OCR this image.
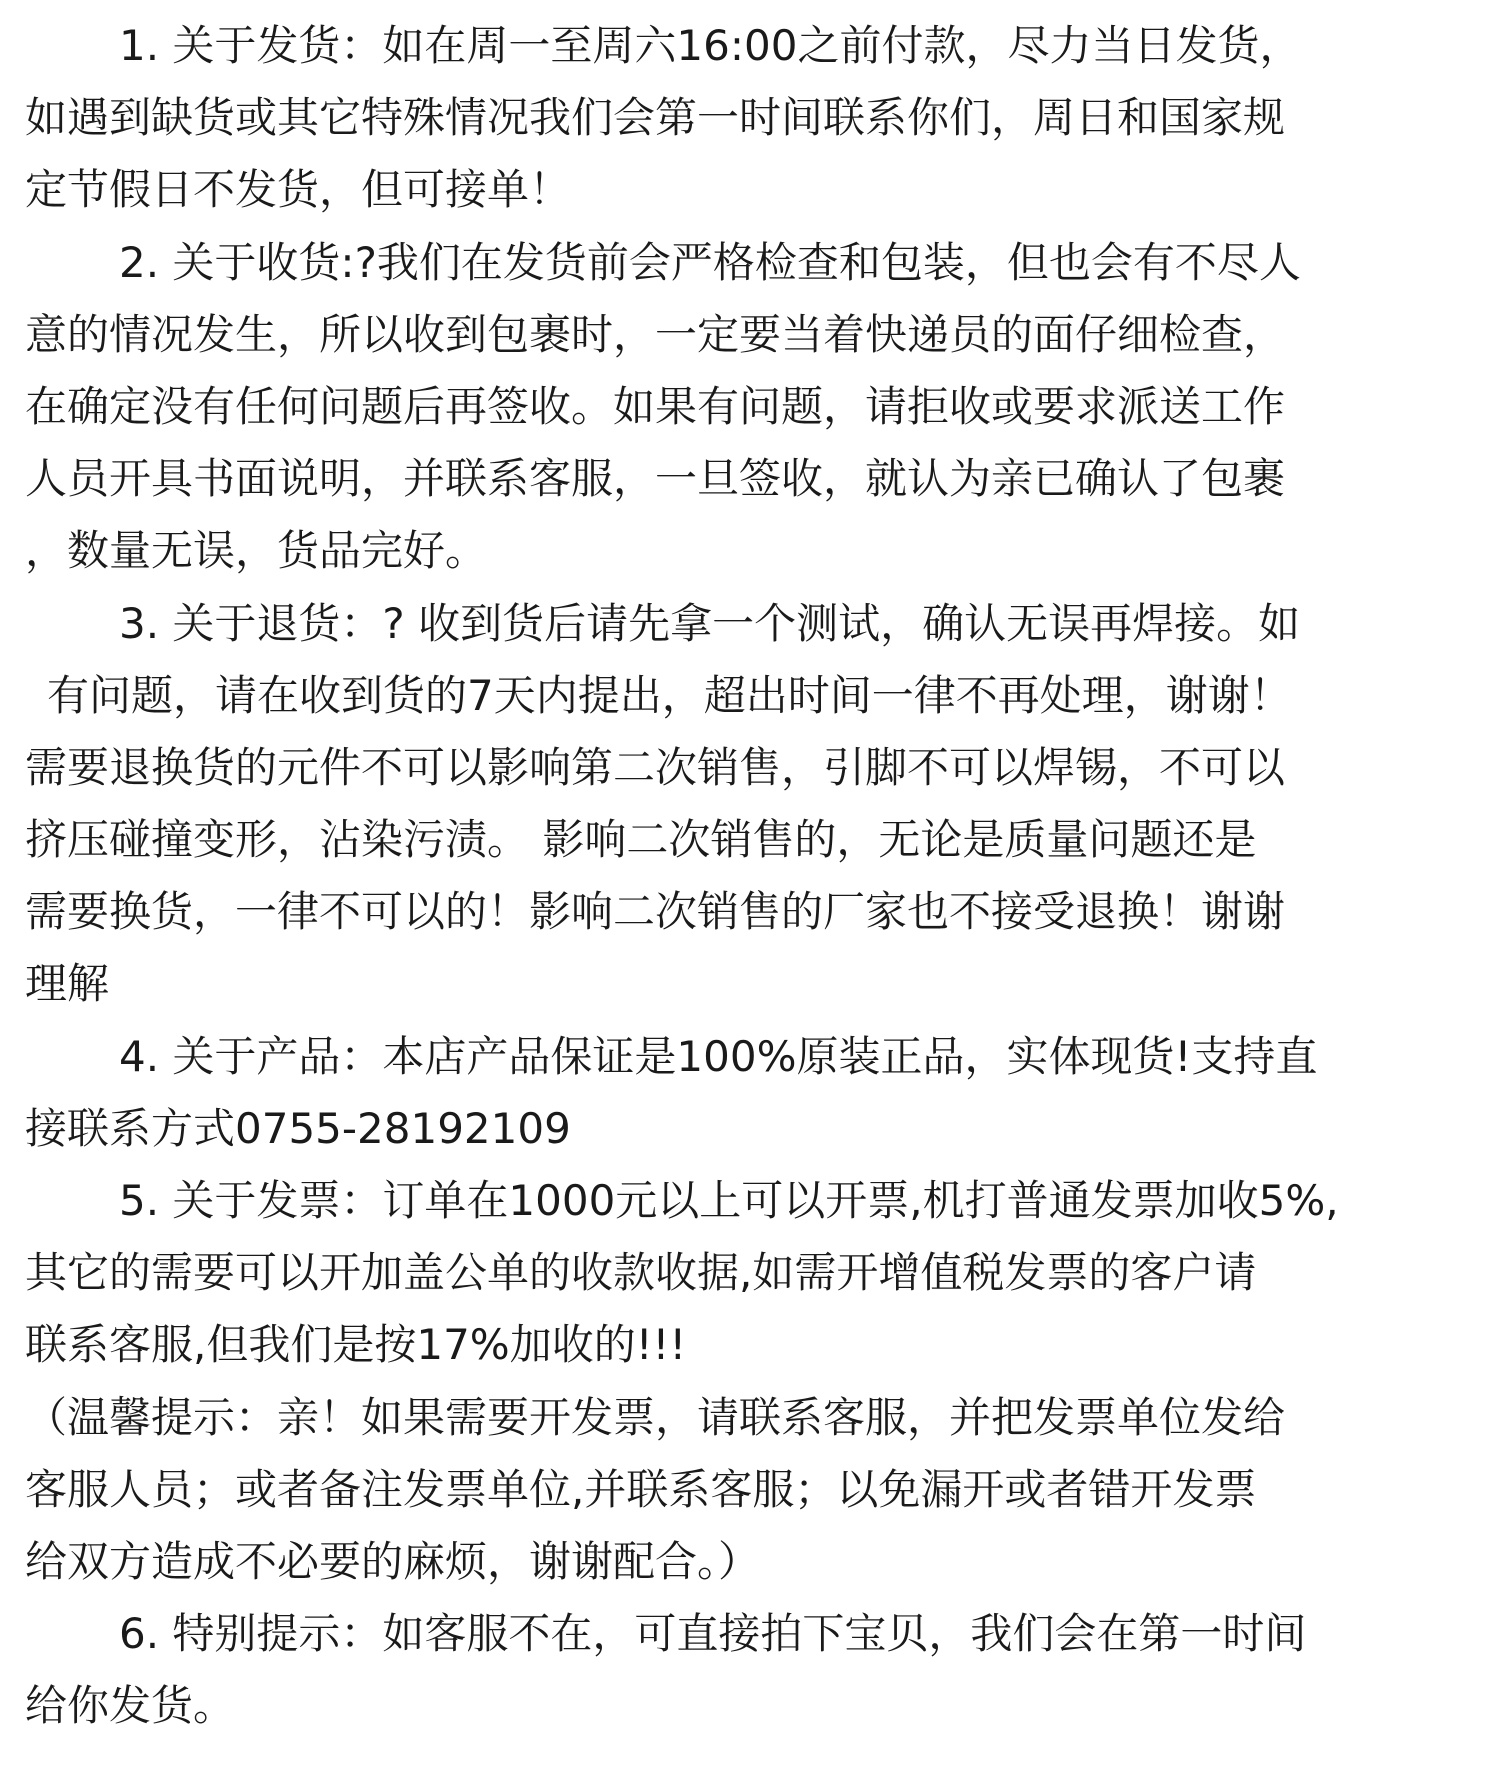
1. 关于发货：如在周一至周六16:00之前付款，尽力当日发货，
如遇到缺货或其它特殊情况我们会第一时间联系你们，周日和国家规
定节假日不发货，但可接单！
2. 关于收货:?我们在发货前会严格检查和包装，但也会有不尽人
意的情况发生，所以收到包裹时，一定要当着快递员的面仔细检查，
在确定没有任何问题后再签收。如果有问题，请拒收或要求派送工作
人员开具书面说明，并联系客服，一旦签收，就认为亲已确认了包裹
，数量无误，货品完好。
3. 关于退货：? 收到货后请先拿一个测试，确认无误再焊接。如
有问题，请在收到货的7天内提出，超出时间一律不再处理，谢谢！
需要退换货的元件不可以影响第二次销售，引脚不可以焊锡，不可以
挤压碰撞变形，沾染污渍。 影响二次销售的，无论是质量问题还是
需要换货，一律不可以的！影响二次销售的厂家也不接受退换！谢谢
理解
4. 关于产品：本店产品保证是100%原装正品，实体现货!支持直
接联系方式0755-28192109
5. 关于发票：订单在1000元以上可以开票,机打普通发票加收5%,
其它的需要可以开加盖公单的收款收据,如需开增值税发票的客户请
联系客服,但我们是按17%加收的!!!
（温馨提示：亲！如果需要开发票，请联系客服，并把发票单位发给
客服人员；或者备注发票单位,并联系客服；以免漏开或者错开发票
给双方造成不必要的麻烦，谢谢配合。）
6. 特别提示：如客服不在，可直接拍下宝贝，我们会在第一时间
给你发货。
